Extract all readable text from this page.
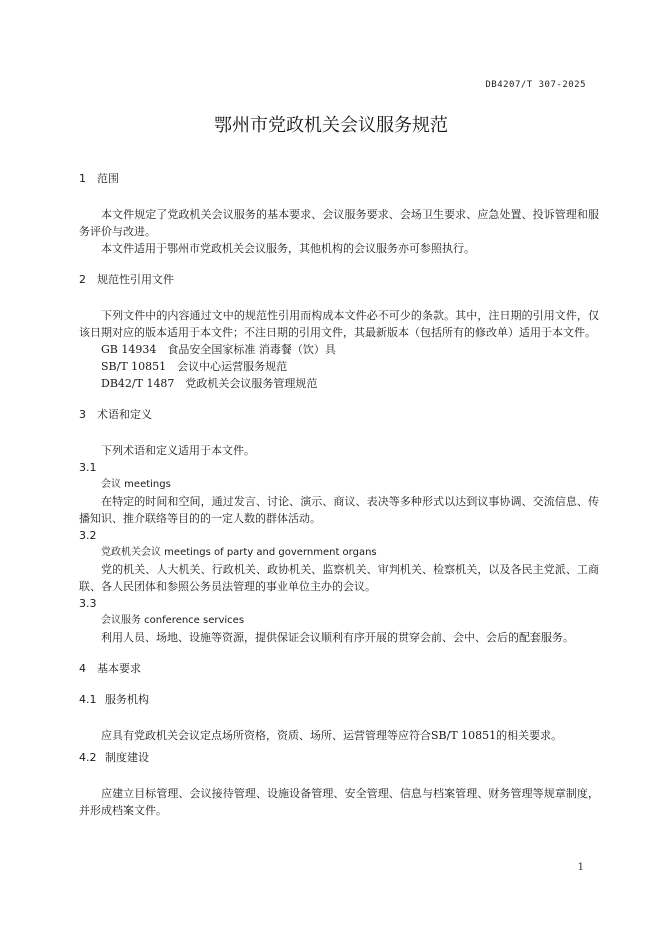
DB4207/T 307-2025
鄂州市党政机关会议服务规范
1 范围

本文件规定了党政机关会议服务的基本要求、会议服务要求、会场卫生要求、应急处置、投诉管理和服务评价与改进。

本文件适用于鄂州市党政机关会议服务，其他机构的会议服务亦可参照执行。

2 规范性引用文件

下列文件中的内容通过文中的规范性引用而构成本文件必不可少的条款。其中，注日期的引用文件，仅该日期对应的版本适用于本文件；不注日期的引用文件，其最新版本（包括所有的修改单）适用于本文件。

GB 14934　食品安全国家标准 消毒餐（饮）具
SB/T 10851　会议中心运营服务规范
DB42/T 1487　党政机关会议服务管理规范
3 术语和定义

下列术语和定义适用于本文件。

3.1
会议 meetings

在特定的时间和空间，通过发言、讨论、演示、商议、表决等多种形式以达到议事协调、交流信息、传播知识、推介联络等目的的一定人数的群体活动。

3.2
党政机关会议 meetings of party and government organs

党的机关、人大机关、行政机关、政协机关、监察机关、审判机关、检察机关，以及各民主党派、工商联、各人民团体和参照公务员法管理的事业单位主办的会议。

3.3
会议服务 conference services

利用人员、场地、设施等资源，提供保证会议顺利有序开展的贯穿会前、会中、会后的配套服务。

4 基本要求
4.1 服务机构

应具有党政机关会议定点场所资格，资质、场所、运营管理等应符合SB/T 10851的相关要求。

4.2 制度建设

应建立目标管理、会议接待管理、设施设备管理、安全管理、信息与档案管理、财务管理等规章制度，并形成档案文件。

1
